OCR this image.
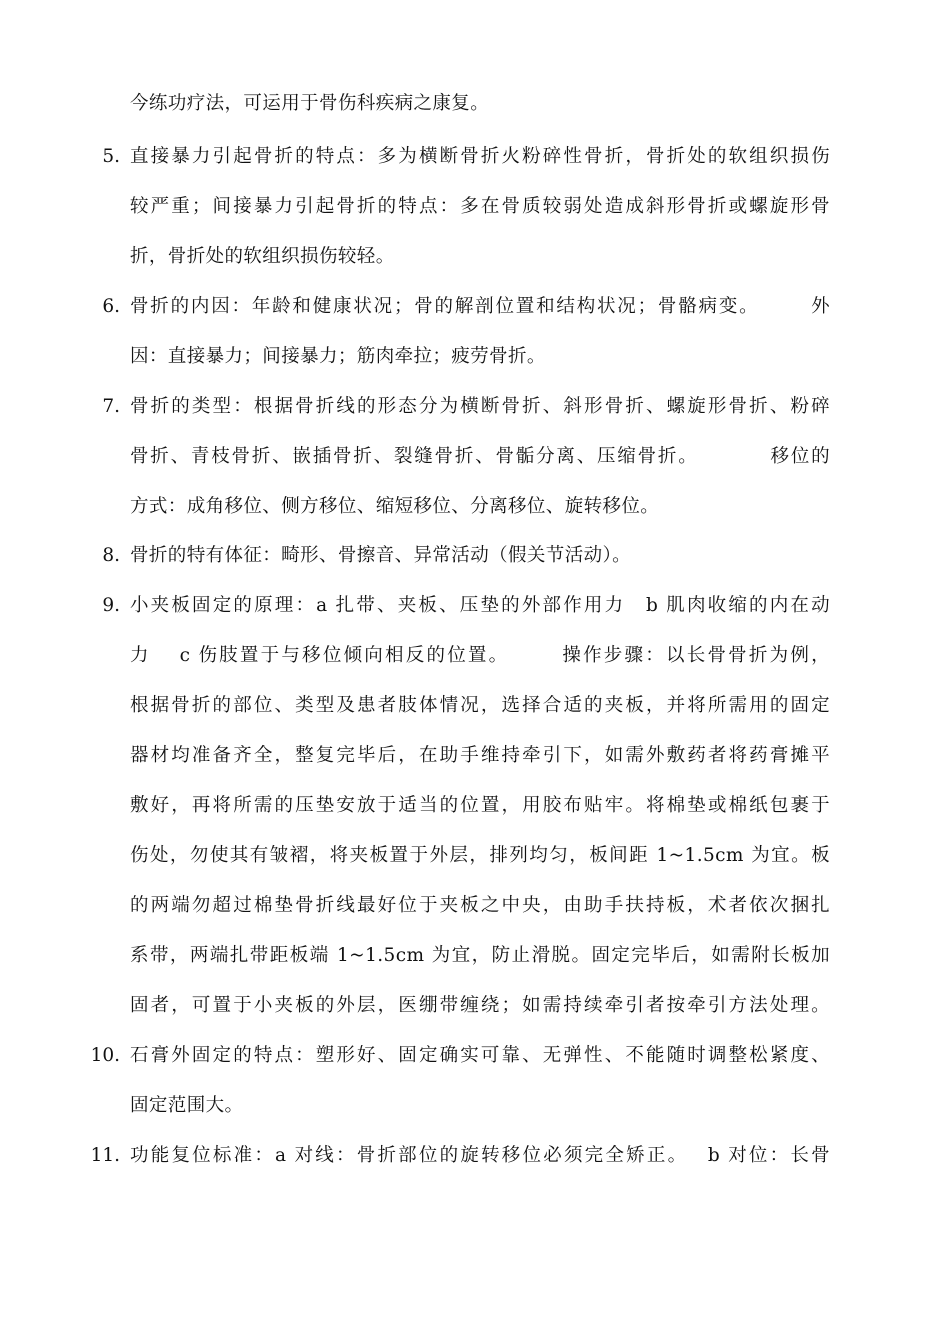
今练功疗法，可运用于骨伤科疾病之康复。
5. 直接暴力引起骨折的特点：多为横断骨折火粉碎性骨折，骨折处的软组织损伤
较严重；间接暴力引起骨折的特点：多在骨质较弱处造成斜形骨折或螺旋形骨
折，骨折处的软组织损伤较轻。
6. 骨折的内因：年龄和健康状况；骨的解剖位置和结构状况；骨骼病变。　　　外
因：直接暴力；间接暴力；筋肉牵拉；疲劳骨折。
7. 骨折的类型：根据骨折线的形态分为横断骨折、斜形骨折、螺旋形骨折、粉碎
骨折、青枝骨折、嵌插骨折、裂缝骨折、骨骺分离、压缩骨折。　　　　移位的
方式：成角移位、侧方移位、缩短移位、分离移位、旋转移位。
8. 骨折的特有体征：畸形、骨擦音、异常活动（假关节活动）。
9. 小夹板固定的原理：a 扎带、夹板、压垫的外部作用力　b 肌肉收缩的内在动
力　 c 伤肢置于与移位倾向相反的位置。　　　操作步骤：以长骨骨折为例，
根据骨折的部位、类型及患者肢体情况，选择合适的夹板，并将所需用的固定
器材均准备齐全，整复完毕后，在助手维持牵引下，如需外敷药者将药膏摊平
敷好，再将所需的压垫安放于适当的位置，用胶布贴牢。将棉垫或棉纸包裹于
伤处，勿使其有皱褶，将夹板置于外层，排列均匀，板间距 1~1.5cm 为宜。板
的两端勿超过棉垫骨折线最好位于夹板之中央，由助手扶持板，术者依次捆扎
系带，两端扎带距板端 1~1.5cm 为宜，防止滑脱。固定完毕后，如需附长板加
固者，可置于小夹板的外层，医绷带缠绕；如需持续牵引者按牵引方法处理。
10. 石膏外固定的特点：塑形好、固定确实可靠、无弹性、不能随时调整松紧度、
固定范围大。
11. 功能复位标准：a 对线：骨折部位的旋转移位必须完全矫正。　 b 对位：长骨
